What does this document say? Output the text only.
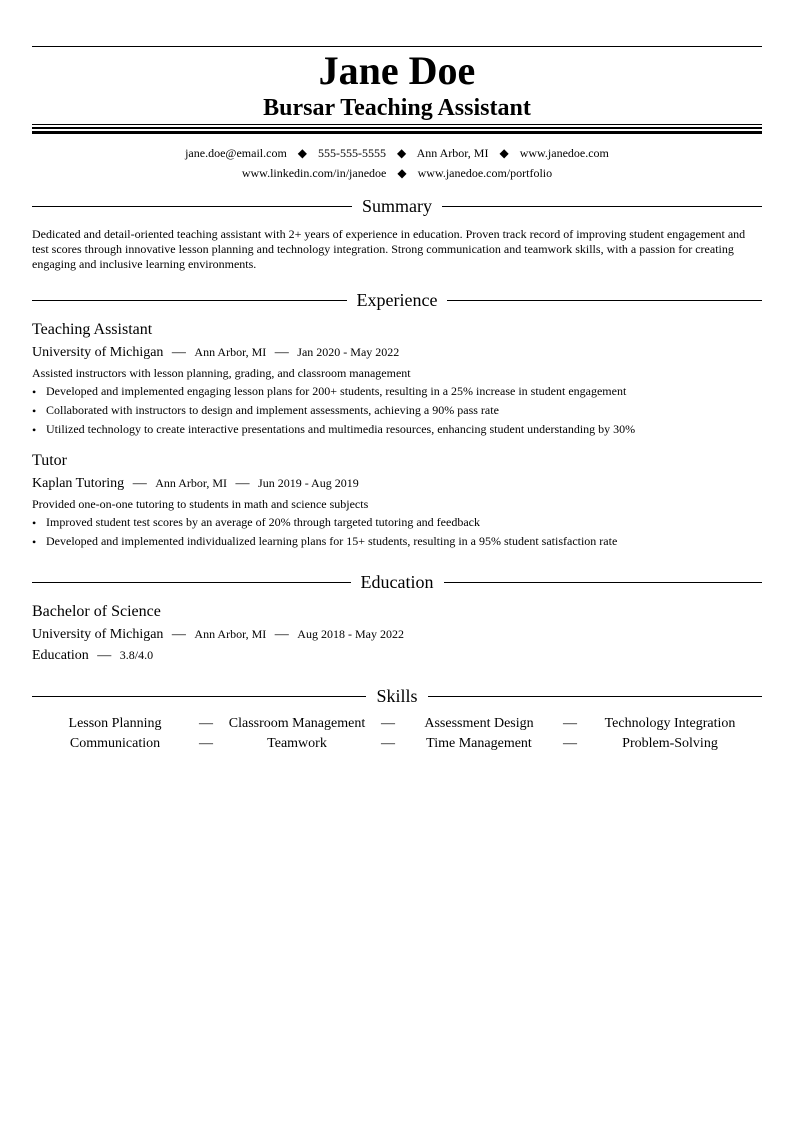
Jane Doe
Bursar Teaching Assistant
jane.doe@email.com ◆ 555-555-5555 ◆ Ann Arbor, MI ◆ www.janedoe.com
www.linkedin.com/in/janedoe ◆ www.janedoe.com/portfolio
Summary
Dedicated and detail-oriented teaching assistant with 2+ years of experience in education. Proven track record of improving student engagement and test scores through innovative lesson planning and technology integration. Strong communication and teamwork skills, with a passion for creating engaging and inclusive learning environments.
Experience
Teaching Assistant
University of Michigan — Ann Arbor, MI — Jan 2020 - May 2022
Assisted instructors with lesson planning, grading, and classroom management
• Developed and implemented engaging lesson plans for 200+ students, resulting in a 25% increase in student engagement
• Collaborated with instructors to design and implement assessments, achieving a 90% pass rate
• Utilized technology to create interactive presentations and multimedia resources, enhancing student understanding by 30%
Tutor
Kaplan Tutoring — Ann Arbor, MI — Jun 2019 - Aug 2019
Provided one-on-one tutoring to students in math and science subjects
• Improved student test scores by an average of 20% through targeted tutoring and feedback
• Developed and implemented individualized learning plans for 15+ students, resulting in a 95% student satisfaction rate
Education
Bachelor of Science
University of Michigan — Ann Arbor, MI — Aug 2018 - May 2022
Education — 3.8/4.0
Skills
Lesson Planning	—	Classroom Management	—	Assessment Design	—	Technology Integration
Communication	—	Teamwork	—	Time Management	—	Problem-Solving
